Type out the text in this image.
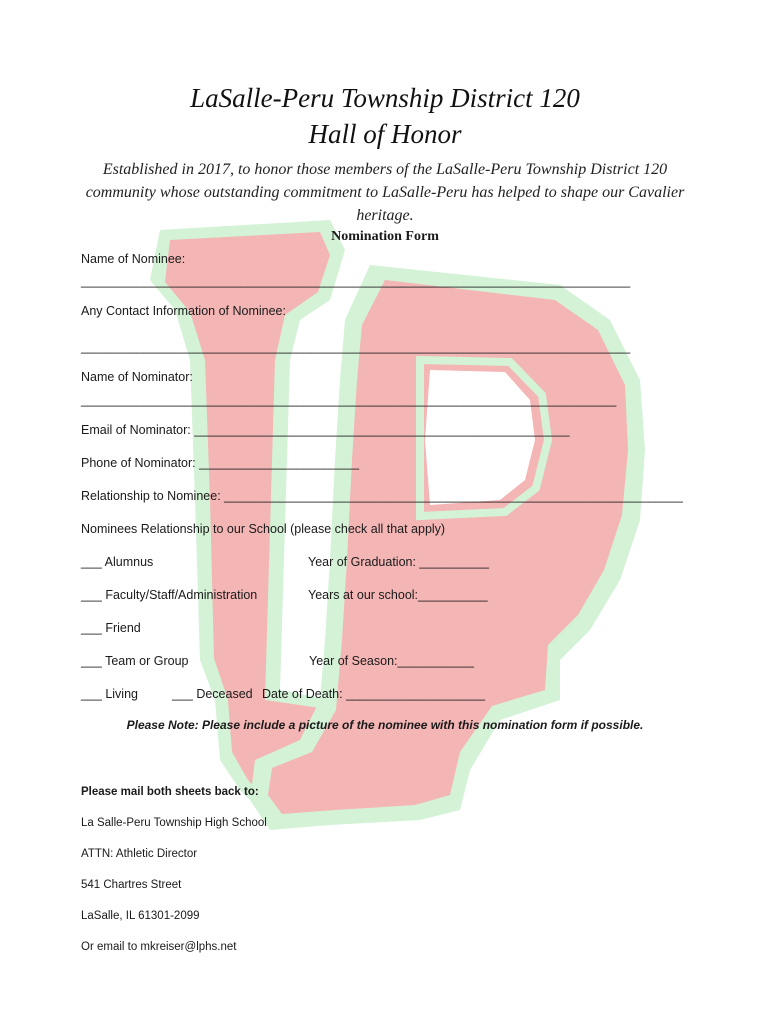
LaSalle-Peru Township District 120
Hall of Honor
Established in 2017, to honor those members of the LaSalle-Peru Township District 120 community whose outstanding commitment to LaSalle-Peru has helped to shape our Cavalier heritage.
Nomination Form
Name of Nominee:
_______________________________________________________________________________
Any Contact Information of Nominee:
_______________________________________________________________________________
Name of Nominator:
_____________________________________________________________________________
Email of Nominator: ______________________________________________________
Phone of Nominator: _______________________
Relationship to Nominee: __________________________________________________________________
Nominees Relationship to our School (please check all that apply)
___ Alumnus	Year of Graduation: __________
___ Faculty/Staff/Administration	Years at our school:__________
___ Friend
___ Team or Group	Year of Season:___________
___ Living	___ Deceased Date of Death: ____________________
Please Note: Please include a picture of the nominee with this nomination form if possible.
Please mail both sheets back to:
La Salle-Peru Township High School
ATTN: Athletic Director
541 Chartres Street
LaSalle, IL 61301-2099
Or email to mkreiser@lphs.net
